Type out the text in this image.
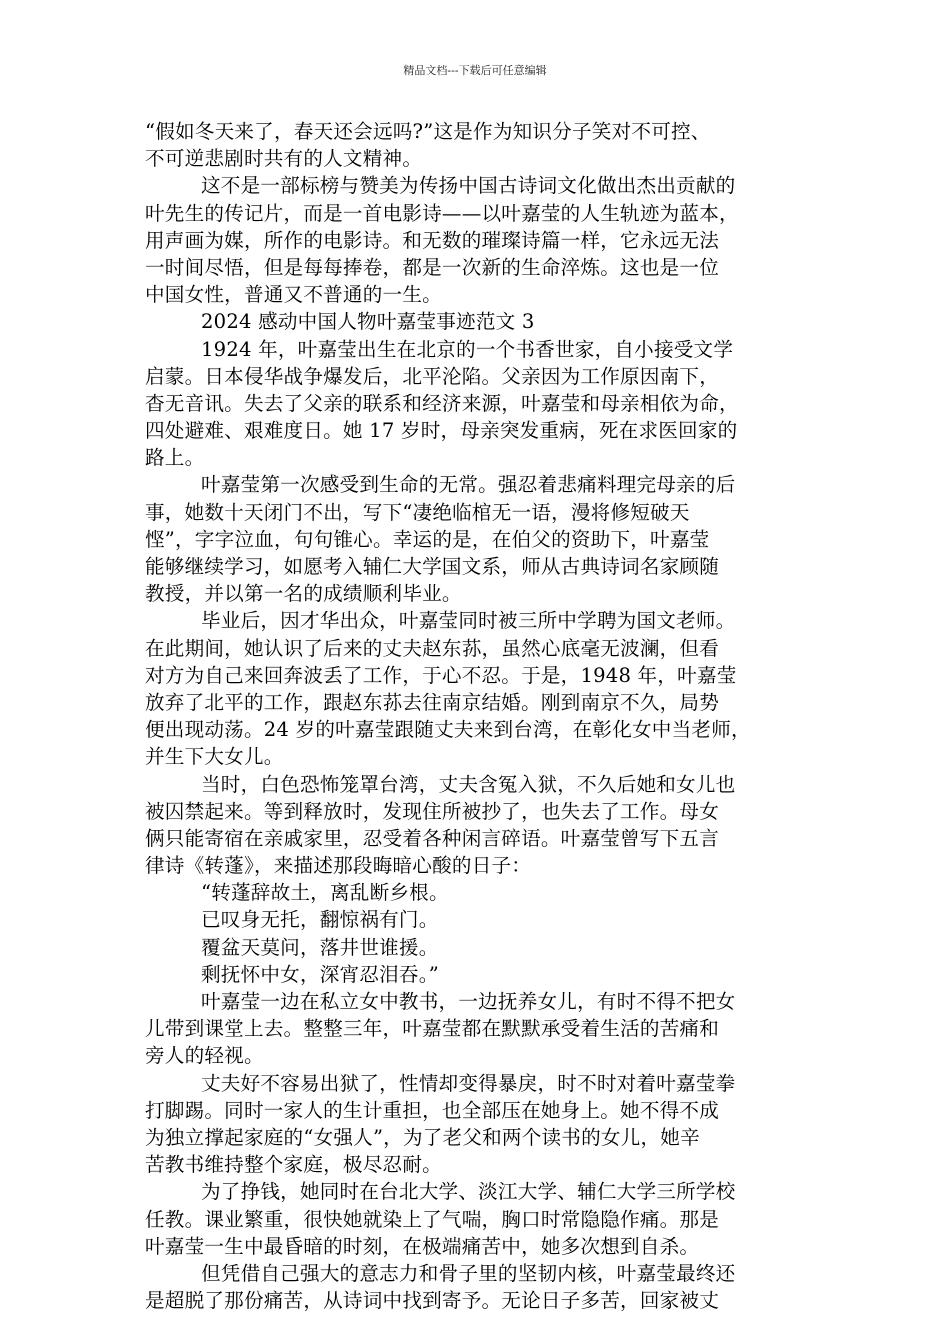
精品文档---下载后可任意编辑
“假如冬天来了，春天还会远吗?”这是作为知识分子笑对不可控、
不可逆悲剧时共有的人文精神。
这不是一部标榜与赞美为传扬中国古诗词文化做出杰出贡献的
叶先生的传记片，而是一首电影诗——以叶嘉莹的人生轨迹为蓝本，
用声画为媒，所作的电影诗。和无数的璀璨诗篇一样，它永远无法
一时间尽悟，但是每每捧卷，都是一次新的生命淬炼。这也是一位
中国女性，普通又不普通的一生。
2024 感动中国人物叶嘉莹事迹范文 3
1924 年，叶嘉莹出生在北京的一个书香世家，自小接受文学
启蒙。日本侵华战争爆发后，北平沦陷。父亲因为工作原因南下，
杳无音讯。失去了父亲的联系和经济来源，叶嘉莹和母亲相依为命，
四处避难、艰难度日。她 17 岁时，母亲突发重病，死在求医回家的
路上。
叶嘉莹第一次感受到生命的无常。强忍着悲痛料理完母亲的后
事，她数十天闭门不出，写下“凄绝临棺无一语，漫将修短破天
悭”，字字泣血，句句锥心。幸运的是，在伯父的资助下，叶嘉莹
能够继续学习，如愿考入辅仁大学国文系，师从古典诗词名家顾随
教授，并以第一名的成绩顺利毕业。
毕业后，因才华出众，叶嘉莹同时被三所中学聘为国文老师。
在此期间，她认识了后来的丈夫赵东荪，虽然心底毫无波澜，但看
对方为自己来回奔波丢了工作，于心不忍。于是，1948 年，叶嘉莹
放弃了北平的工作，跟赵东荪去往南京结婚。刚到南京不久，局势
便出现动荡。24 岁的叶嘉莹跟随丈夫来到台湾，在彰化女中当老师，
并生下大女儿。
当时，白色恐怖笼罩台湾，丈夫含冤入狱，不久后她和女儿也
被囚禁起来。等到释放时，发现住所被抄了，也失去了工作。母女
俩只能寄宿在亲戚家里，忍受着各种闲言碎语。叶嘉莹曾写下五言
律诗《转蓬》，来描述那段晦暗心酸的日子：
“转蓬辞故土，离乱断乡根。
已叹身无托，翻惊祸有门。
覆盆天莫问，落井世谁援。
剩抚怀中女，深宵忍泪吞。”
叶嘉莹一边在私立女中教书，一边抚养女儿，有时不得不把女
儿带到课堂上去。整整三年，叶嘉莹都在默默承受着生活的苦痛和
旁人的轻视。
丈夫好不容易出狱了，性情却变得暴戾，时不时对着叶嘉莹拳
打脚踢。同时一家人的生计重担，也全部压在她身上。她不得不成
为独立撑起家庭的“女强人”，为了老父和两个读书的女儿，她辛
苦教书维持整个家庭，极尽忍耐。
为了挣钱，她同时在台北大学、淡江大学、辅仁大学三所学校
任教。课业繁重，很快她就染上了气喘，胸口时常隐隐作痛。那是
叶嘉莹一生中最昏暗的时刻，在极端痛苦中，她多次想到自杀。
但凭借自己强大的意志力和骨子里的坚韧内核，叶嘉莹最终还
是超脱了那份痛苦，从诗词中找到寄予。无论日子多苦，回家被丈
